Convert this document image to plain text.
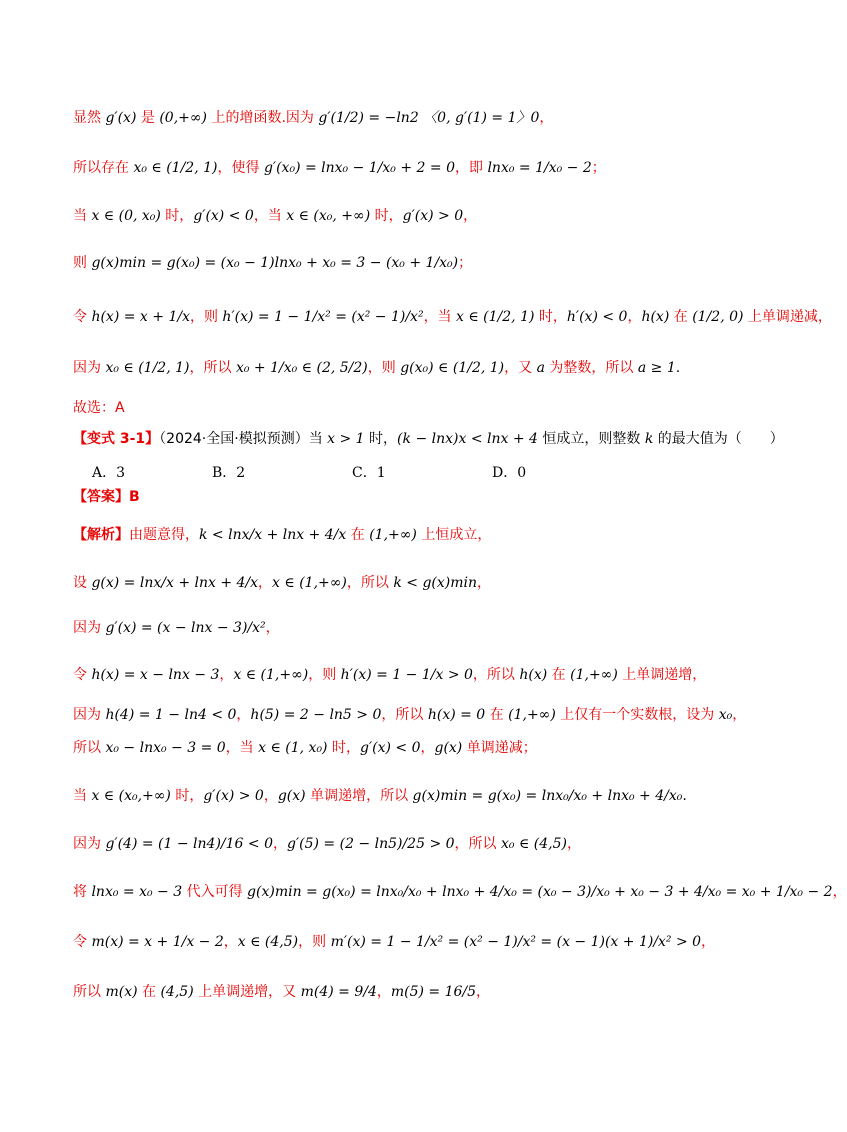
显然 g′(x) 是 (0,+∞) 上的增函数.因为 g′(1/2) = −ln2 〈0, g′(1) = 1〉0，
所以存在 x₀ ∈ (1/2, 1)，使得 g′(x₀) = lnx₀ − 1/x₀ + 2 = 0，即 lnx₀ = 1/x₀ − 2；
当 x ∈ (0, x₀) 时，g′(x) < 0，当 x ∈ (x₀, +∞) 时，g′(x) > 0，
则 g(x)min = g(x₀) = (x₀ − 1)lnx₀ + x₀ = 3 − (x₀ + 1/x₀)；
令 h(x) = x + 1/x，则 h′(x) = 1 − 1/x² = (x² − 1)/x²，当 x ∈ (1/2, 1) 时，h′(x) < 0，h(x) 在 (1/2, 0) 上单调递减，
因为 x₀ ∈ (1/2, 1)，所以 x₀ + 1/x₀ ∈ (2, 5/2)，则 g(x₀) ∈ (1/2, 1)，又 a 为整数，所以 a ≥ 1.
故选：A
【变式 3-1】（2024·全国·模拟预测）当 x > 1 时，(k − lnx)x < lnx + 4 恒成立，则整数 k 的最大值为（　　）
【答案】B
【解析】由题意得，k < lnx/x + lnx + 4/x 在 (1,+∞) 上恒成立，
设 g(x) = lnx/x + lnx + 4/x，x ∈ (1,+∞)，所以 k < g(x)min，
因为 g′(x) = (x − lnx − 3)/x²，
令 h(x) = x − lnx − 3，x ∈ (1,+∞)，则 h′(x) = 1 − 1/x > 0，所以 h(x) 在 (1,+∞) 上单调递增，
因为 h(4) = 1 − ln4 < 0，h(5) = 2 − ln5 > 0，所以 h(x) = 0 在 (1,+∞) 上仅有一个实数根，设为 x₀，
所以 x₀ − lnx₀ − 3 = 0，当 x ∈ (1, x₀) 时，g′(x) < 0，g(x) 单调递减；
当 x ∈ (x₀,+∞) 时，g′(x) > 0，g(x) 单调递增，所以 g(x)min = g(x₀) = lnx₀/x₀ + lnx₀ + 4/x₀.
因为 g′(4) = (1 − ln4)/16 < 0，g′(5) = (2 − ln5)/25 > 0，所以 x₀ ∈ (4,5)，
将 lnx₀ = x₀ − 3 代入可得 g(x)min = g(x₀) = lnx₀/x₀ + lnx₀ + 4/x₀ = (x₀ − 3)/x₀ + x₀ − 3 + 4/x₀ = x₀ + 1/x₀ − 2，
令 m(x) = x + 1/x − 2，x ∈ (4,5)，则 m′(x) = 1 − 1/x² = (x² − 1)/x² = (x − 1)(x + 1)/x² > 0，
所以 m(x) 在 (4,5) 上单调递增，又 m(4) = 9/4，m(5) = 16/5，
A．3	B．2	C．1	D．0
